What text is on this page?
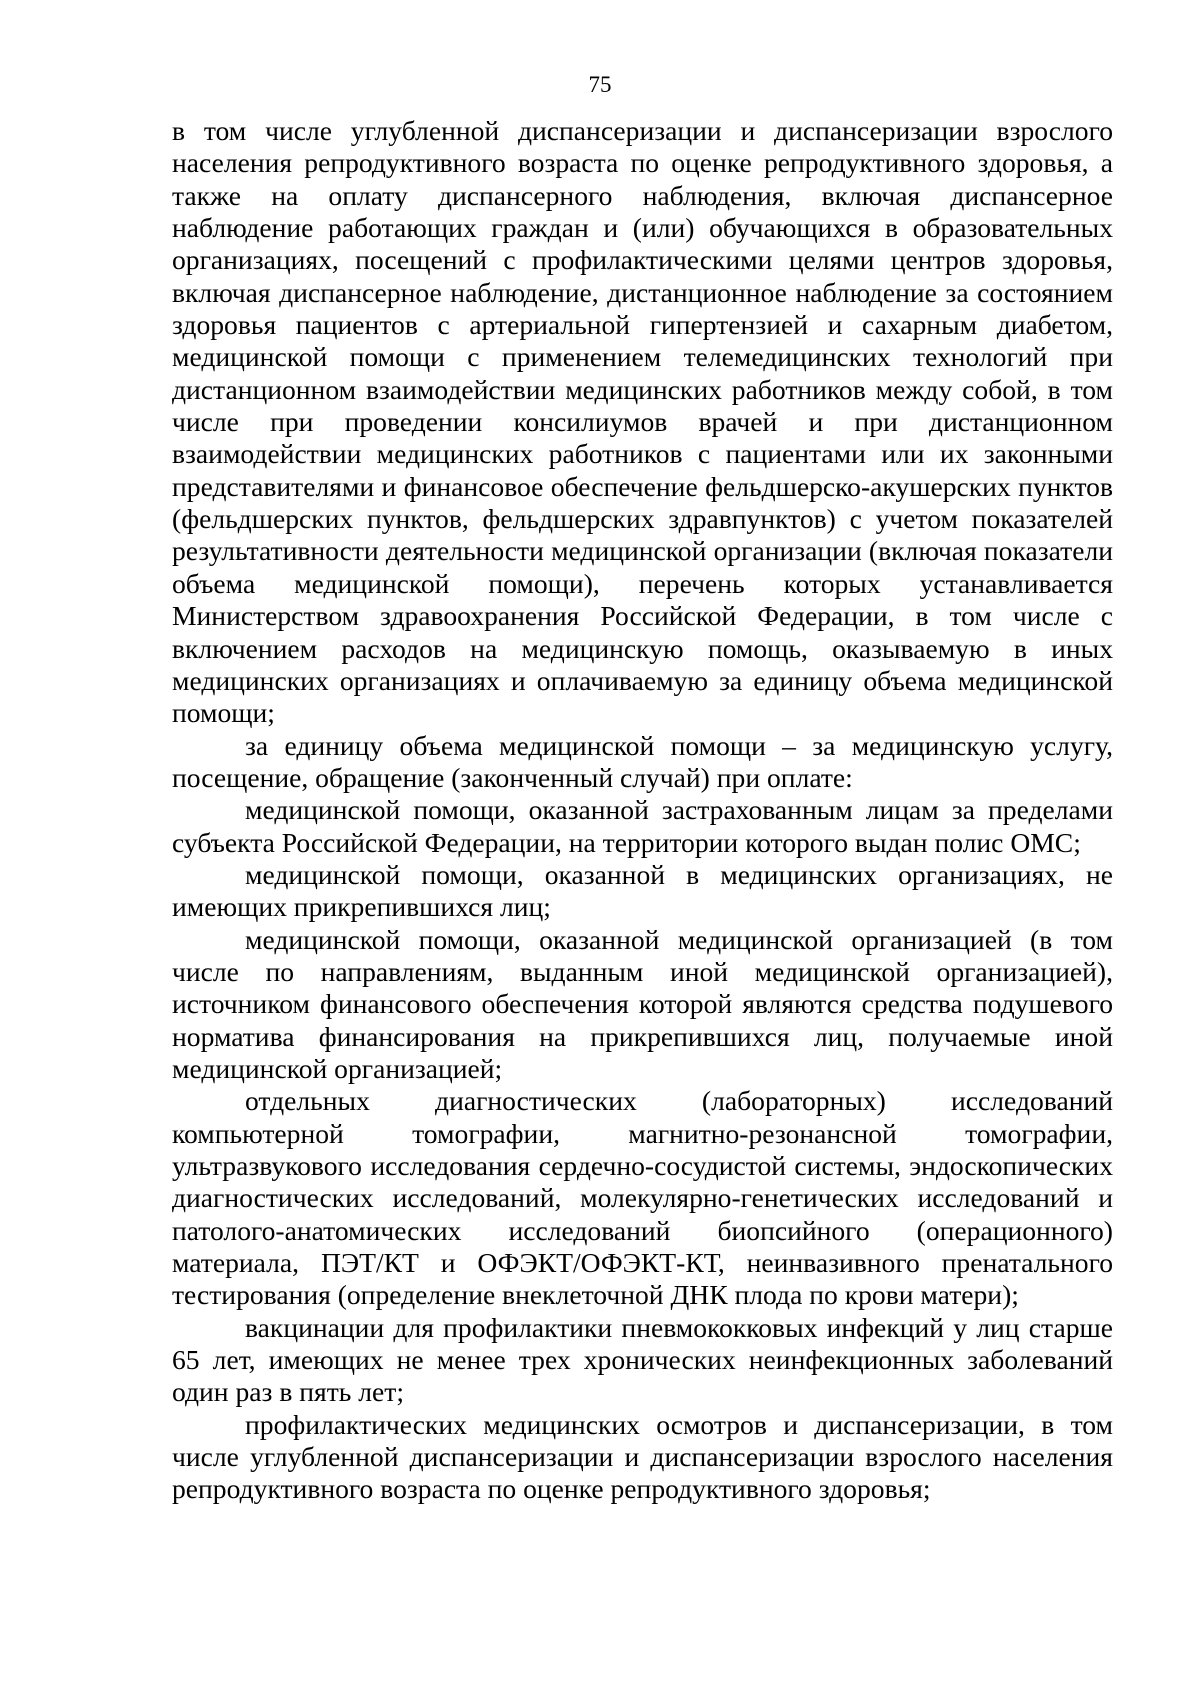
75

в том числе углубленной диспансеризации и диспансеризации взрослого населения репродуктивного возраста по оценке репродуктивного здоровья, а также на оплату диспансерного наблюдения, включая диспансерное наблюдение работающих граждан и (или) обучающихся в образовательных организациях, посещений с профилактическими целями центров здоровья, включая диспансерное наблюдение, дистанционное наблюдение за состоянием здоровья пациентов с артериальной гипертензией и сахарным диабетом, медицинской помощи с применением телемедицинских технологий при дистанционном взаимодействии медицинских работников между собой, в том числе при проведении консилиумов врачей и при дистанционном взаимодействии медицинских работников с пациентами или их законными представителями и финансовое обеспечение фельдшерско-акушерских пунктов (фельдшерских пунктов, фельдшерских здравпунктов) с учетом показателей результативности деятельности медицинской организации (включая показатели объема медицинской помощи), перечень которых устанавливается Министерством здравоохранения Российской Федерации, в том числе с включением расходов на медицинскую помощь, оказываемую в иных медицинских организациях и оплачиваемую за единицу объема медицинской помощи;

за единицу объема медицинской помощи – за медицинскую услугу, посещение, обращение (законченный случай) при оплате:

медицинской помощи, оказанной застрахованным лицам за пределами субъекта Российской Федерации, на территории которого выдан полис ОМС;

медицинской помощи, оказанной в медицинских организациях, не имеющих прикрепившихся лиц;

медицинской помощи, оказанной медицинской организацией (в том числе по направлениям, выданным иной медицинской организацией), источником финансового обеспечения которой являются средства подушевого норматива финансирования на прикрепившихся лиц, получаемые иной медицинской организацией;

отдельных диагностических (лабораторных) исследований компьютерной томографии, магнитно-резонансной томографии, ультразвукового исследования сердечно-сосудистой системы, эндоскопических диагностических исследований, молекулярно-генетических исследований и патолого-анатомических исследований биопсийного (операционного) материала, ПЭТ/КТ и ОФЭКТ/ОФЭКТ-КТ, неинвазивного пренатального тестирования (определение внеклеточной ДНК плода по крови матери);

вакцинации для профилактики пневмококковых инфекций у лиц старше 65 лет, имеющих не менее трех хронических неинфекционных заболеваний один раз в пять лет;

профилактических медицинских осмотров и диспансеризации, в том числе углубленной диспансеризации и диспансеризации взрослого населения репродуктивного возраста по оценке репродуктивного здоровья;
